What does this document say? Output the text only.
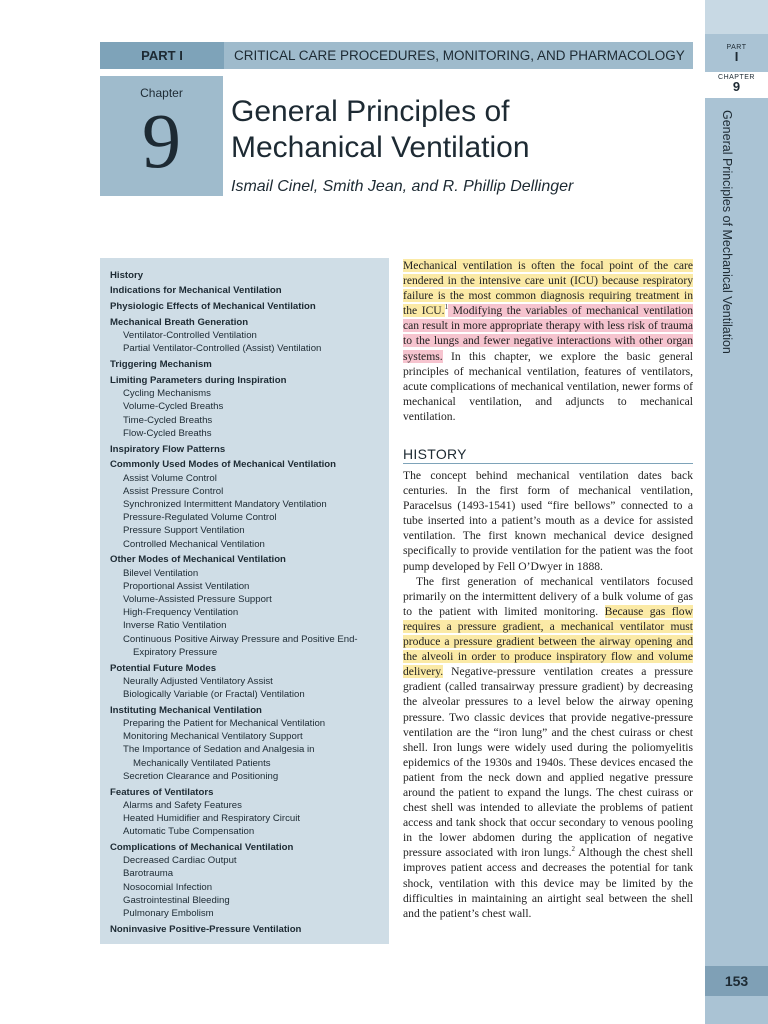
PART
I
CHAPTER
9
General Principles of Mechanical Ventilation
153
PART I	CRITICAL CARE PROCEDURES, MONITORING, AND PHARMACOLOGY
Chapter
9	General Principles of
Mechanical Ventilation
Ismail Cinel, Smith Jean, and R. Phillip Dellinger
History
Indications for Mechanical Ventilation
Physiologic Effects of Mechanical Ventilation
Mechanical Breath Generation
Ventilator-Controlled Ventilation
Partial Ventilator-Controlled (Assist) Ventilation
Triggering Mechanism
Limiting Parameters during Inspiration
Cycling Mechanisms
Volume-Cycled Breaths
Time-Cycled Breaths
Flow-Cycled Breaths
Inspiratory Flow Patterns
Commonly Used Modes of Mechanical Ventilation
Assist Volume Control
Assist Pressure Control
Synchronized Intermittent Mandatory Ventilation
Pressure-Regulated Volume Control
Pressure Support Ventilation
Controlled Mechanical Ventilation
Other Modes of Mechanical Ventilation
Bilevel Ventilation
Proportional Assist Ventilation
Volume-Assisted Pressure Support
High-Frequency Ventilation
Inverse Ratio Ventilation
Continuous Positive Airway Pressure and Positive End-
Expiratory Pressure
Potential Future Modes
Neurally Adjusted Ventilatory Assist
Biologically Variable (or Fractal) Ventilation
Instituting Mechanical Ventilation
Preparing the Patient for Mechanical Ventilation
Monitoring Mechanical Ventilatory Support
The Importance of Sedation and Analgesia in
Mechanically Ventilated Patients
Secretion Clearance and Positioning
Features of Ventilators
Alarms and Safety Features
Heated Humidifier and Respiratory Circuit
Automatic Tube Compensation
Complications of Mechanical Ventilation
Decreased Cardiac Output
Barotrauma
Nosocomial Infection
Gastrointestinal Bleeding
Pulmonary Embolism
Noninvasive Positive-Pressure Ventilation
Mechanical ventilation is often the focal point of the care rendered in the intensive care unit (ICU) because respiratory failure is the most common diagnosis requiring treatment in the ICU.$^1$ Modifying the variables of mechanical ventilation can result in more appropriate therapy with less risk of trauma to the lungs and fewer negative interactions with other organ systems. In this chapter, we explore the basic general principles of mechanical ventilation, features of ventilators, acute complications of mechanical ventilation, newer forms of mechanical ventilation, and adjuncts to mechanical ventilation.
HISTORY

The concept behind mechanical ventilation dates back centuries. In the first form of mechanical ventilation, Paracelsus (1493-1541) used “fire bellows” connected to a tube inserted into a patient’s mouth as a device for assisted ventilation. The first known mechanical device designed specifically to provide ventilation for the patient was the foot pump developed by Fell O’Dwyer in 1888.

The first generation of mechanical ventilators focused primarily on the intermittent delivery of a bulk volume of gas to the patient with limited monitoring. Because gas flow requires a pressure gradient, a mechanical ventilator must produce a pressure gradient between the airway opening and the alveoli in order to produce inspiratory flow and volume delivery. Negative-pressure ventilation creates a pressure gradient (called transairway pressure gradient) by decreasing the alveolar pressures to a level below the airway opening pressure. Two classic devices that provide negative-pressure ventilation are the “iron lung” and the chest cuirass or chest shell. Iron lungs were widely used during the poliomyelitis epidemics of the 1930s and 1940s. These devices encased the patient from the neck down and applied negative pressure around the patient to expand the lungs. The chest cuirass or chest shell was intended to alleviate the problems of patient access and tank shock that occur secondary to venous pooling in the lower abdomen during the application of negative pressure associated with iron lungs.$^2$ Although the chest shell improves patient access and decreases the potential for tank shock, ventilation with this device may be limited by the difficulties in maintaining an airtight seal between the shell and the patient’s chest wall.
